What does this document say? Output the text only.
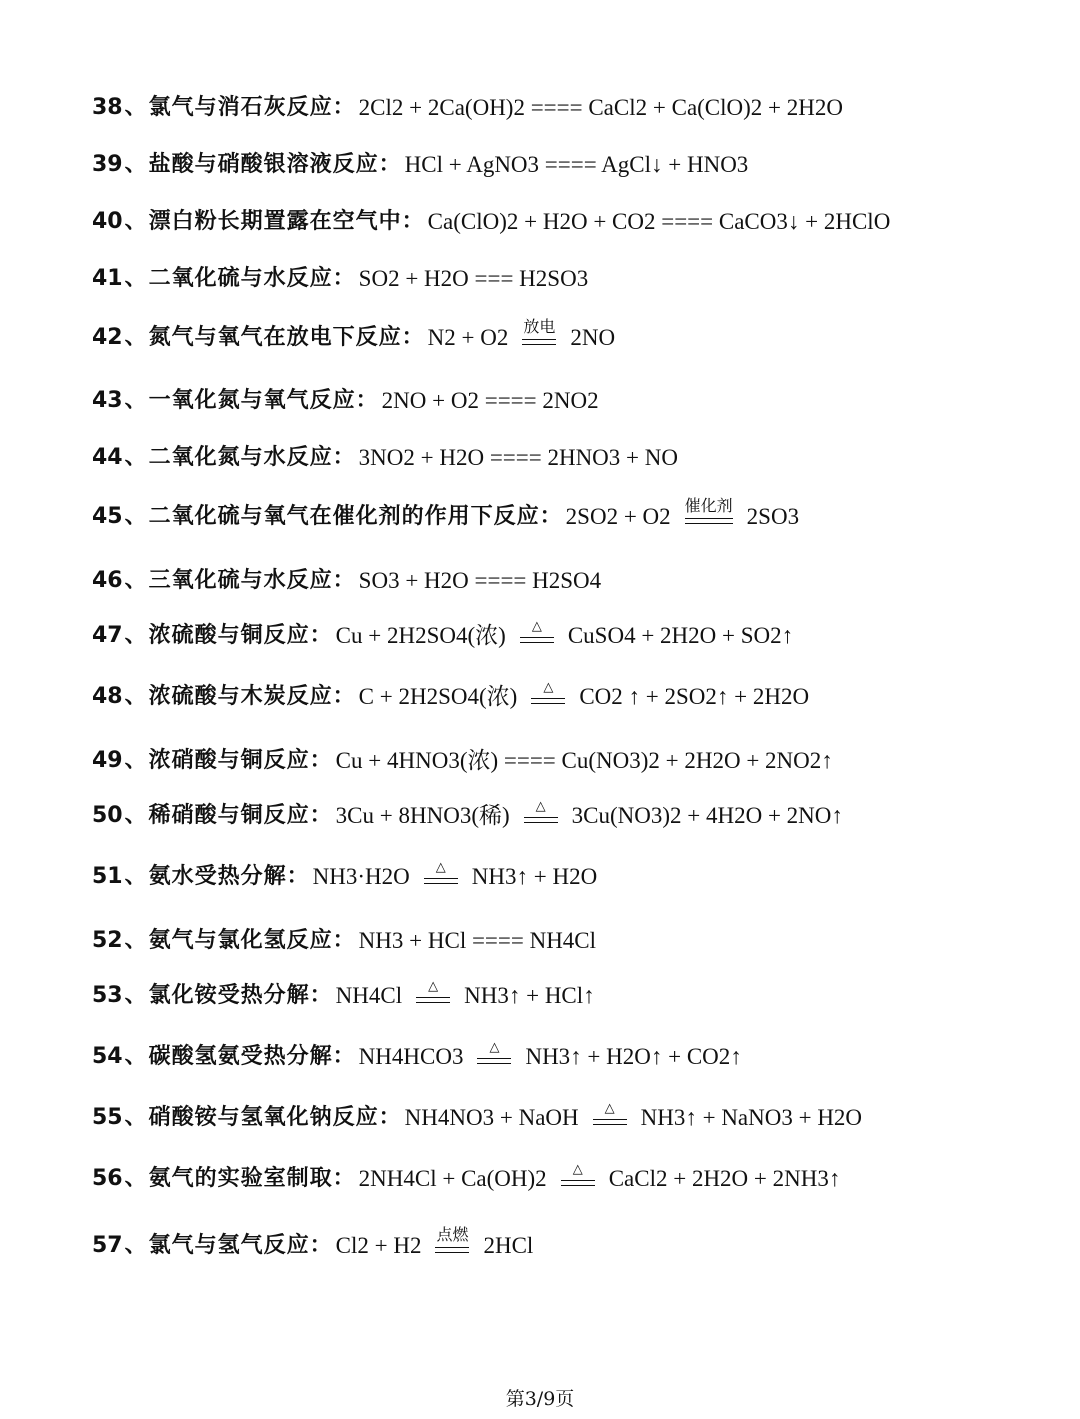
38 、 氯气与消石灰反应 ： 2Cl2 + 2Ca(OH)2 ==== CaCl2 + Ca(ClO)2 + 2H2O
39 、 盐酸与硝酸银溶液反应 ： HCl + AgNO3 ==== AgCl↓ + HNO3
40 、 漂白粉长期置露在空气中 ： Ca(ClO)2 + H2O + CO2 ==== CaCO3↓ + 2HClO
41 、 二氧化硫与水反应 ： SO2 + H2O === H2SO3
42 、 氮气与氧气在放电下反应 ： N2 + O2 放电 2NO
43 、 一氧化氮与氧气反应 ： 2NO + O2 ==== 2NO2
44 、 二氧化氮与水反应 ： 3NO2 + H2O ==== 2HNO3 + NO
45 、 二氧化硫与氧气在催化剂的作用下反应 ： 2SO2 + O2 催化剂 2SO3
46 、 三氧化硫与水反应 ： SO3 + H2O ==== H2SO4
47 、 浓硫酸与铜反应 ： Cu + 2H2SO4(浓) △ CuSO4 + 2H2O + SO2↑
48 、 浓硫酸与木炭反应 ： C + 2H2SO4(浓) △ CO2 ↑ + 2SO2↑ + 2H2O
49 、 浓硝酸与铜反应 ： Cu + 4HNO3(浓) ==== Cu(NO3)2 + 2H2O + 2NO2↑
50 、 稀硝酸与铜反应 ： 3Cu + 8HNO3(稀) △ 3Cu(NO3)2 + 4H2O + 2NO↑
51 、 氨水受热分解 ： NH3·H2O △ NH3↑ + H2O
52 、 氨气与氯化氢反应 ： NH3 + HCl ==== NH4Cl
53 、 氯化铵受热分解 ： NH4Cl △ NH3↑ + HCl↑
54 、 碳酸氢氨受热分解 ： NH4HCO3 △ NH3↑ + H2O↑ + CO2↑
55 、 硝酸铵与氢氧化钠反应 ： NH4NO3 + NaOH △ NH3↑ + NaNO3 + H2O
56 、 氨气的实验室制取 ： 2NH4Cl + Ca(OH)2 △ CaCl2 + 2H2O + 2NH3↑
57 、 氯气与氢气反应 ： Cl2 + H2 点燃 2HCl
第3/9页
